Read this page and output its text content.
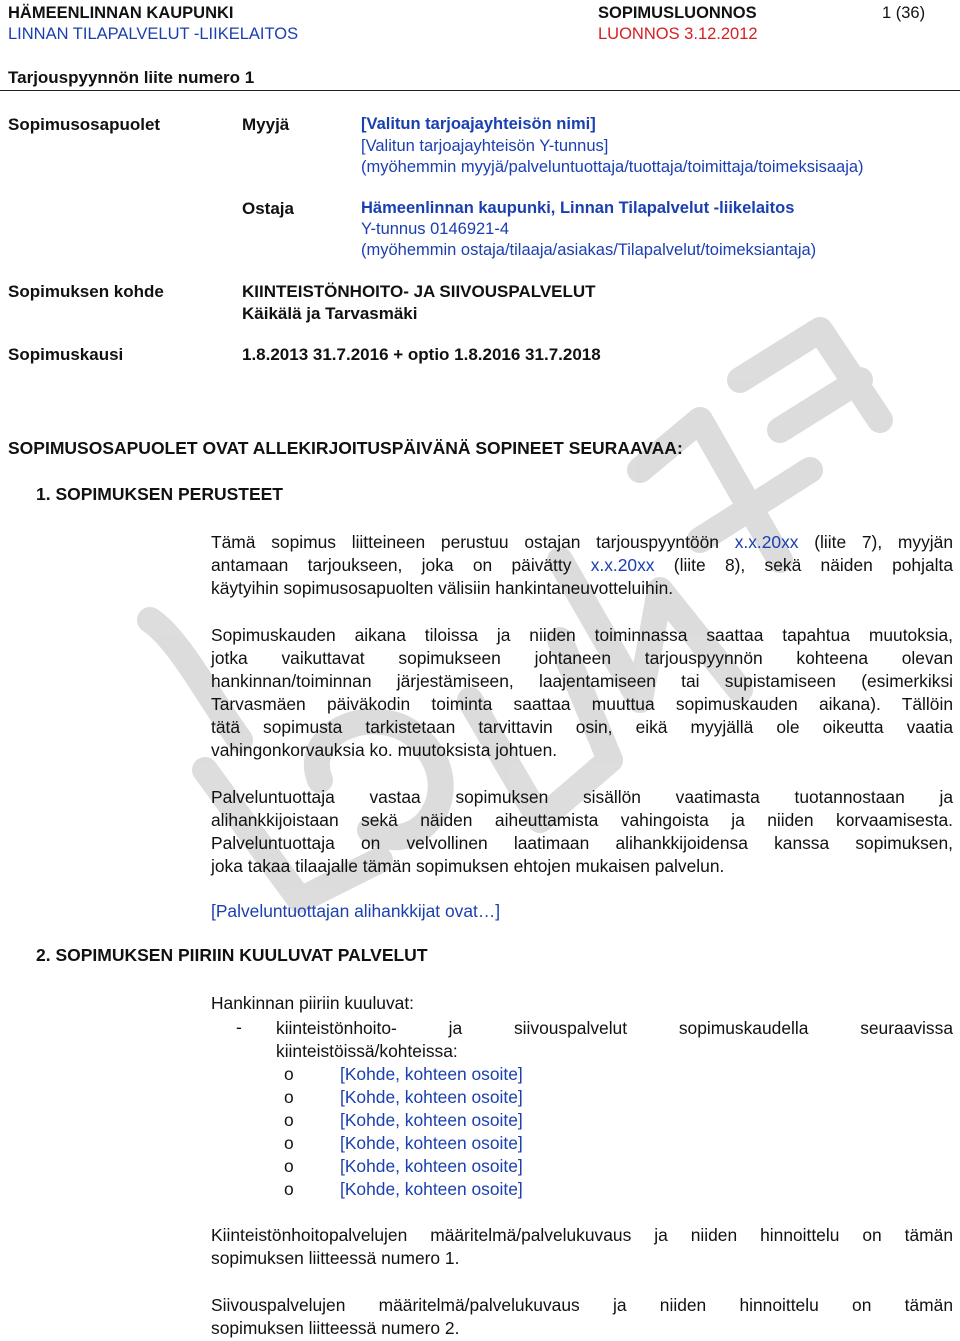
HÄMEENLINNAN KAUPUNKI
LINNAN TILAPALVELUT -LIIKELAITOS
SOPIMUSLUONNOS
LUONNOS 3.12.2012
1 (36)
Tarjouspyynnön liite numero 1
Sopimusosapuolet	Myyjä	[Valitun tarjoajayhteisön nimi]
[Valitun tarjoajayhteisön Y-tunnus]
(myöhemmin myyjä/palveluntuottaja/tuottaja/toimittaja/toimeksisaaja)
Ostaja	Hämeenlinnan kaupunki, Linnan Tilapalvelut -liikelaitos
Y-tunnus 0146921-4
(myöhemmin ostaja/tilaaja/asiakas/Tilapalvelut/toimeksiantaja)
Sopimuksen kohde	KIINTEISTÖNHOITO- JA SIIVOUSPALVELUT
Käikälä ja Tarvasmäki
Sopimuskausi	1.8.2013 31.7.2016 + optio 1.8.2016 31.7.2018
SOPIMUSOSAPUOLET OVAT ALLEKIRJOITUSPÄIVÄNÄ SOPINEET SEURAAVAA:
1. SOPIMUKSEN PERUSTEET
Tämä sopimus liitteineen perustuu ostajan tarjouspyyntöön x.x.20xx (liite 7), myyjän
antamaan tarjoukseen, joka on päivätty x.x.20xx (liite 8), sekä näiden pohjalta
käytyihin sopimusosapuolten välisiin hankintaneuvotteluihin.
Sopimuskauden aikana tiloissa ja niiden toiminnassa saattaa tapahtua muutoksia,
jotka vaikuttavat sopimukseen johtaneen tarjouspyynnön kohteena olevan
hankinnan/toiminnan järjestämiseen, laajentamiseen tai supistamiseen (esimerkiksi
Tarvasmäen päiväkodin toiminta saattaa muuttua sopimuskauden aikana). Tällöin
tätä sopimusta tarkistetaan tarvittavin osin, eikä myyjällä ole oikeutta vaatia
vahingonkorvauksia ko. muutoksista johtuen.
Palveluntuottaja vastaa sopimuksen sisällön vaatimasta tuotannostaan ja
alihankkijoistaan sekä näiden aiheuttamista vahingoista ja niiden korvaamisesta.
Palveluntuottaja on velvollinen laatimaan alihankkijoidensa kanssa sopimuksen,
joka takaa tilaajalle tämän sopimuksen ehtojen mukaisen palvelun.
[Palveluntuottajan alihankkijat ovat…]
2. SOPIMUKSEN PIIRIIN KUULUVAT PALVELUT
Hankinnan piiriin kuuluvat:
- kiinteistönhoito- ja siivouspalvelut sopimuskaudella seuraavissa
kiinteistöissä/kohteissa:
o	[Kohde, kohteen osoite]
o	[Kohde, kohteen osoite]
o	[Kohde, kohteen osoite]
o	[Kohde, kohteen osoite]
o	[Kohde, kohteen osoite]
o	[Kohde, kohteen osoite]
Kiinteistönhoitopalvelujen määritelmä/palvelukuvaus ja niiden hinnoittelu on tämän
sopimuksen liitteessä numero 1.
Siivouspalvelujen määritelmä/palvelukuvaus ja niiden hinnoittelu on tämän
sopimuksen liitteessä numero 2.
